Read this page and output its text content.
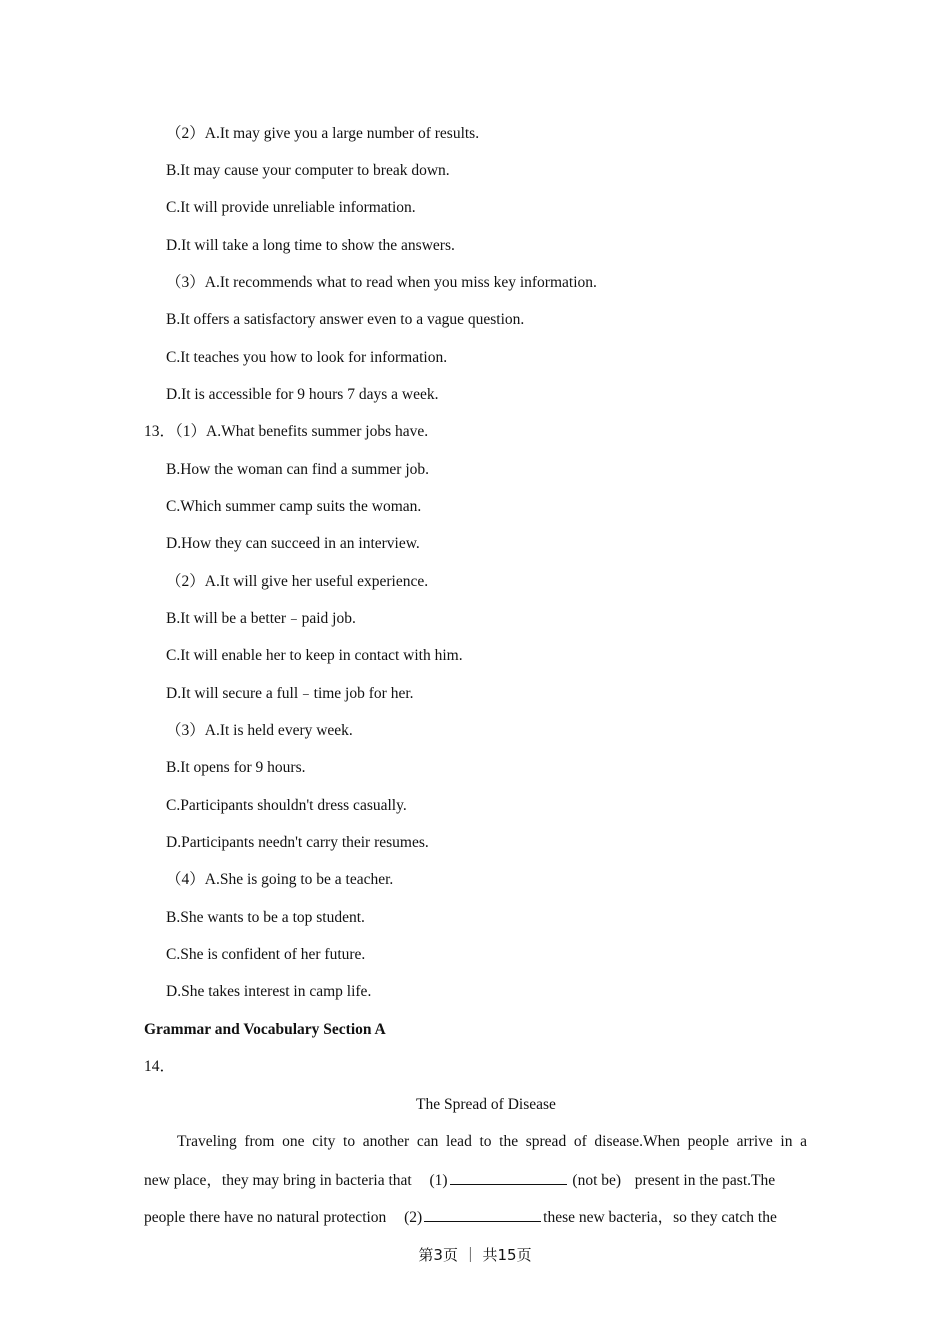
（2）A.It may give you a large number of results.
B.It may cause your computer to break down.
C.It will provide unreliable information.
D.It will take a long time to show the answers.
（3）A.It recommends what to read when you miss key information.
B.It offers a satisfactory answer even to a vague question.
C.It teaches you how to look for information.
D.It is accessible for 9 hours 7 days a week.
13．（1）A.What benefits summer jobs have.
B.How the woman can find a summer job.
C.Which summer camp suits the woman.
D.How they can succeed in an interview.
（2）A.It will give her useful experience.
B.It will be a better﹣paid job.
C.It will enable her to keep in contact with him.
D.It will secure a full﹣time job for her.
（3）A.It is held every week.
B.It opens for 9 hours.
C.Participants shouldn't dress casually.
D.Participants needn't carry their resumes.
（4）A.She is going to be a teacher.
B.She wants to be a top student.
C.She is confident of her future.
D.She takes interest in camp life.
Grammar and Vocabulary Section A
14．
The Spread of Disease
Traveling from one city to another can lead to the spread of disease.When people arrive in a
new place，they may bring in bacteria that (1)	(not be) present in the past.The
people there have no natural protection (2)	these new bacteria，so they catch the
第3页 ｜ 共15页
